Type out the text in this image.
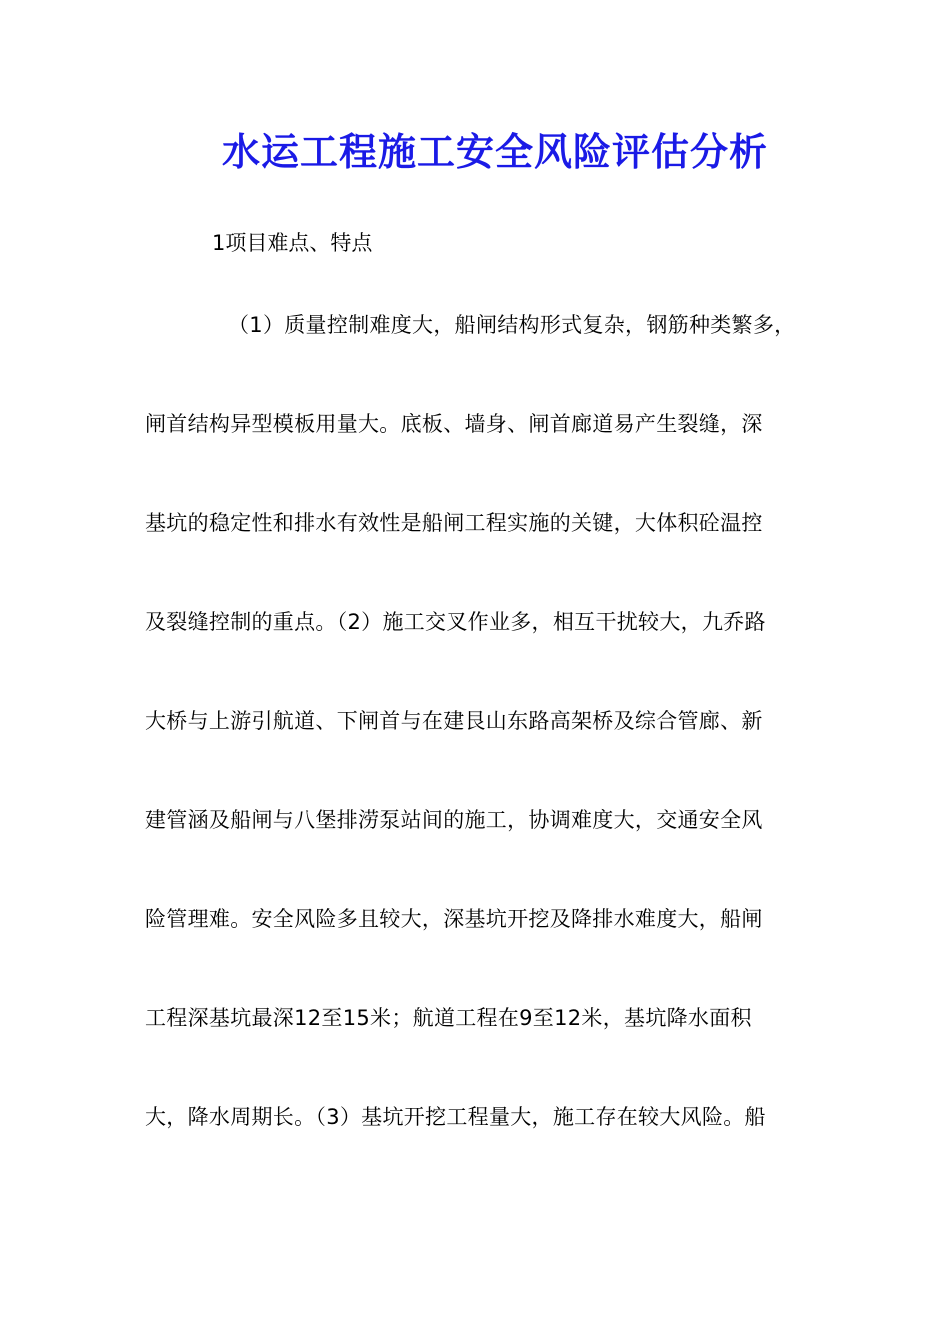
水运工程施工安全风险评估分析
1项目难点、特点
（1）质量控制难度大，船闸结构形式复杂，钢筋种类繁多，
闸首结构异型模板用量大。底板、墙身、闸首廊道易产生裂缝，深
基坑的稳定性和排水有效性是船闸工程实施的关键，大体积砼温控
及裂缝控制的重点。（2）施工交叉作业多，相互干扰较大，九乔路
大桥与上游引航道、下闸首与在建艮山东路高架桥及综合管廊、新
建管涵及船闸与八堡排涝泵站间的施工，协调难度大，交通安全风
险管理难。安全风险多且较大，深基坑开挖及降排水难度大，船闸
工程深基坑最深12至15米；航道工程在9至12米，基坑降水面积
大，降水周期长。（3）基坑开挖工程量大，施工存在较大风险。船
